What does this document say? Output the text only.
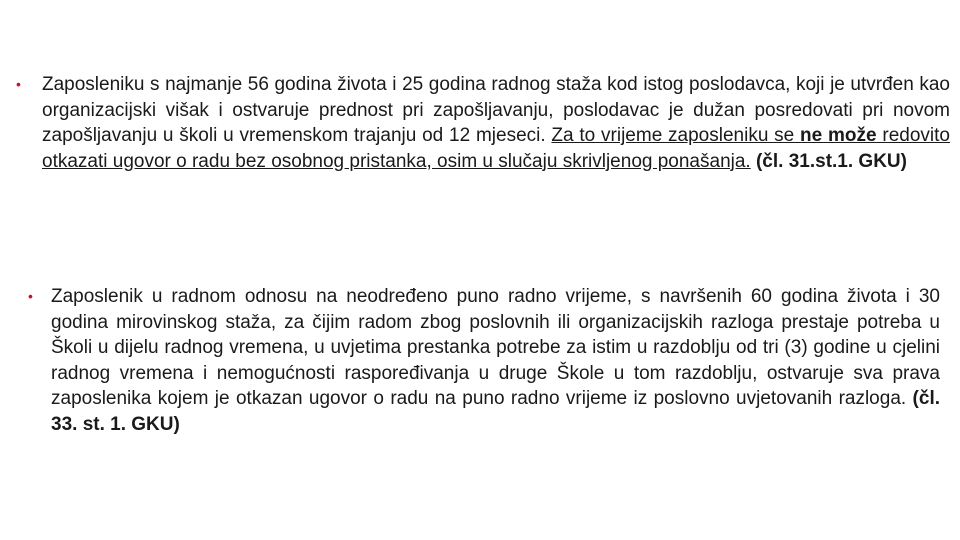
• Zaposleniku s najmanje 56 godina života i 25 godina radnog staža kod istog poslodavca, koji je utvrđen kao organizacijski višak i ostvaruje prednost pri zapošljavanju, poslodavac je dužan posredovati pri novom zapošljavanju u školi u vremenskom trajanju od 12 mjeseci. Za to vrijeme zaposleniku se ne može redovito otkazati ugovor o radu bez osobnog pristanka, osim u slučaju skrivljenog ponašanja. (čl. 31.st.1. GKU)
• Zaposlenik u radnom odnosu na neodređeno puno radno vrijeme, s navršenih 60 godina života i 30 godina mirovinskog staža, za čijim radom zbog poslovnih ili organizacijskih razloga prestaje potreba u Školi u dijelu radnog vremena, u uvjetima prestanka potrebe za istim u razdoblju od tri (3) godine u cjelini radnog vremena i nemogućnosti raspoređivanja u druge Škole u tom razdoblju, ostvaruje sva prava zaposlenika kojem je otkazan ugovor o radu na puno radno vrijeme iz poslovno uvjetovanih razloga. (čl. 33. st. 1. GKU)
